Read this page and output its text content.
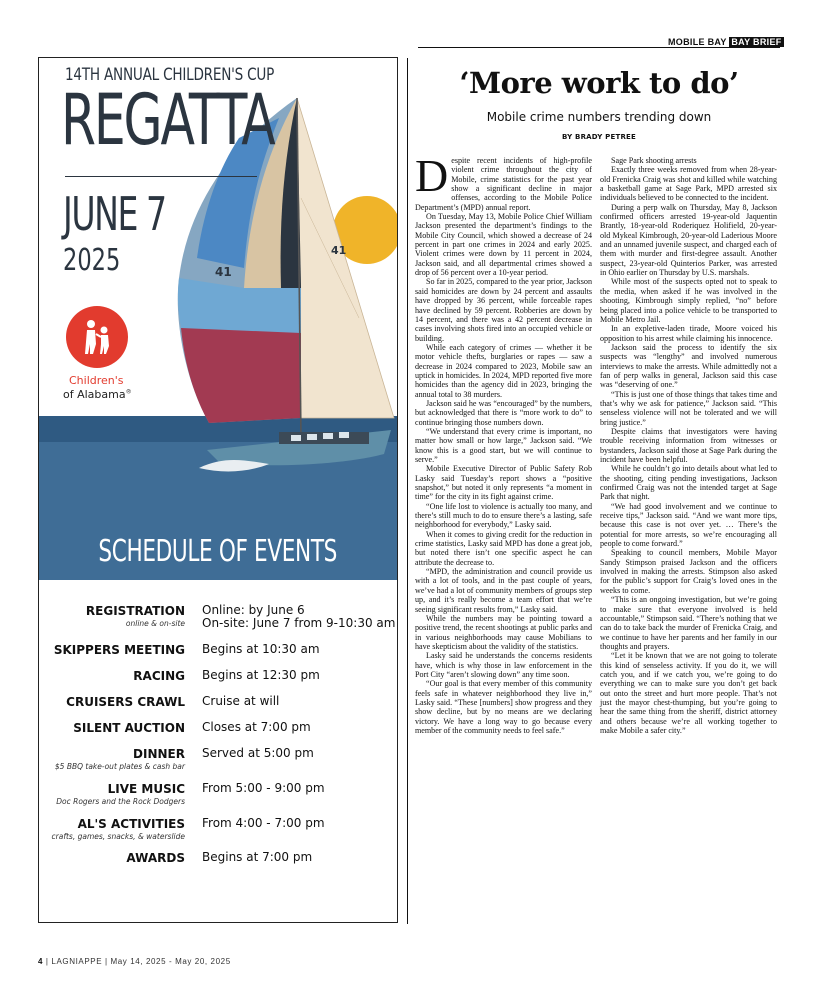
MOBILE BAY BAY BRIEF
41
41
14TH ANNUAL CHILDREN'S CUP
REGATTA
JUNE 7
2025
Children's
of Alabama®
SCHEDULE OF EVENTS
REGISTRATION
online & on-site
Online: by June 6
On-site: June 7 from 9-10:30 am
SKIPPERS MEETING Begins at 10:30 am
RACING Begins at 12:30 pm
CRUISERS CRAWL Cruise at will
SILENT AUCTION Closes at 7:00 pm
DINNER
$5 BBQ take-out plates & cash bar
Served at 5:00 pm
LIVE MUSIC
Doc Rogers and the Rock Dodgers
From 5:00 - 9:00 pm
AL'S ACTIVITIES
crafts, games, snacks, & waterslide
From 4:00 - 7:00 pm
AWARDS Begins at 7:00 pm
‘More work to do’
Mobile crime numbers trending down
BY BRADY PETREE

Despite recent incidents of high-profile violent crime throughout the city of Mobile, crime statistics for the past year show a significant decline in major offenses, according to the Mobile Police Department’s (MPD) annual report.

On Tuesday, May 13, Mobile Police Chief William Jackson presented the department’s findings to the Mobile City Council, which showed a decrease of 24 percent in part one crimes in 2024 and early 2025. Violent crimes were down by 11 percent in 2024, Jackson said, and all departmental crimes showed a drop of 56 percent over a 10-year period.

So far in 2025, compared to the year prior, Jackson said homicides are down by 24 percent and assaults have dropped by 36 percent, while forceable rapes have declined by 59 percent. Robberies are down by 14 percent, and there was a 42 percent decrease in cases involving shots fired into an occupied vehicle or building.

While each category of crimes — whether it be motor vehicle thefts, burglaries or rapes — saw a decrease in 2024 compared to 2023, Mobile saw an uptick in homicides. In 2024, MPD reported five more homicides than the agency did in 2023, bringing the annual total to 38 murders.

Jackson said he was “encouraged” by the numbers, but acknowledged that there is “more work to do” to continue bringing those numbers down.

“We understand that every crime is important, no matter how small or how large,” Jackson said. “We know this is a good start, but we will continue to serve.”

Mobile Executive Director of Public Safety Rob Lasky said Tuesday’s report shows a “positive snapshot,” but noted it only represents “a moment in time” for the city in its fight against crime.

“One life lost to violence is actually too many, and there’s still much to do to ensure there’s a lasting, safe neighborhood for everybody,” Lasky said.

When it comes to giving credit for the reduction in crime statistics, Lasky said MPD has done a great job, but noted there isn’t one specific aspect he can attribute the decrease to.

“MPD, the administration and council provide us with a lot of tools, and in the past couple of years, we’ve had a lot of community members of groups step up, and it’s really become a team effort that we’re seeing significant results from,” Lasky said.

While the numbers may be pointing toward a positive trend, the recent shootings at public parks and in various neighborhoods may cause Mobilians to have skepticism about the validity of the statistics.

Lasky said he understands the concerns residents have, which is why those in law enforcement in the Port City “aren’t slowing down” any time soon.

“Our goal is that every member of this community feels safe in whatever neighborhood they live in,” Lasky said. “These [numbers] show progress and they show decline, but by no means are we declaring victory. We have a long way to go because every member of the community needs to feel safe.”

Sage Park shooting arrests

Exactly three weeks removed from when 28-year-old Frenicka Craig was shot and killed while watching a basketball game at Sage Park, MPD arrested six individuals believed to be connected to the incident.

During a perp walk on Thursday, May 8, Jackson confirmed officers arrested 19-year-old Jaquentin Brantly, 18-year-old Roderiquez Holifield, 20-year-old Mykeal Kimbrough, 20-year-old Laderious Moore and an unnamed juvenile suspect, and charged each of them with murder and first-degree assault. Another suspect, 23-year-old Quinterios Parker, was arrested in Ohio earlier on Thursday by U.S. marshals.

While most of the suspects opted not to speak to the media, when asked if he was involved in the shooting, Kimbrough simply replied, “no” before being placed into a police vehicle to be transported to Mobile Metro Jail.

In an expletive-laden tirade, Moore voiced his opposition to his arrest while claiming his innocence.

Jackson said the process to identify the six suspects was “lengthy” and involved numerous interviews to make the arrests. While admittedly not a fan of perp walks in general, Jackson said this case was “deserving of one.”

“This is just one of those things that takes time and that’s why we ask for patience,” Jackson said. “This senseless violence will not be tolerated and we will bring justice.”

Despite claims that investigators were having trouble receiving information from witnesses or bystanders, Jackson said those at Sage Park during the incident have been helpful.

While he couldn’t go into details about what led to the shooting, citing pending investigations, Jackson confirmed Craig was not the intended target at Sage Park that night.

“We had good involvement and we continue to receive tips,” Jackson said. “And we want more tips, because this case is not over yet. … There’s the potential for more arrests, so we’re encouraging all people to come forward.”

Speaking to council members, Mobile Mayor Sandy Stimpson praised Jackson and the officers involved in making the arrests. Stimpson also asked for the public’s support for Craig’s loved ones in the weeks to come.

“This is an ongoing investigation, but we’re going to make sure that everyone involved is held accountable,” Stimpson said. “There’s nothing that we can do to take back the murder of Frenicka Craig, and we continue to have her parents and her family in our thoughts and prayers.

“Let it be known that we are not going to tolerate this kind of senseless activity. If you do it, we will catch you, and if we catch you, we’re going to do everything we can to make sure you don’t get back out onto the street and hurt more people. That’s not just the mayor chest-thumping, but you’re going to hear the same thing from the sheriff, district attorney and others because we’re all working together to make Mobile a safer city.”

4 | LAGNIAPPE | May 14, 2025 - May 20, 2025
